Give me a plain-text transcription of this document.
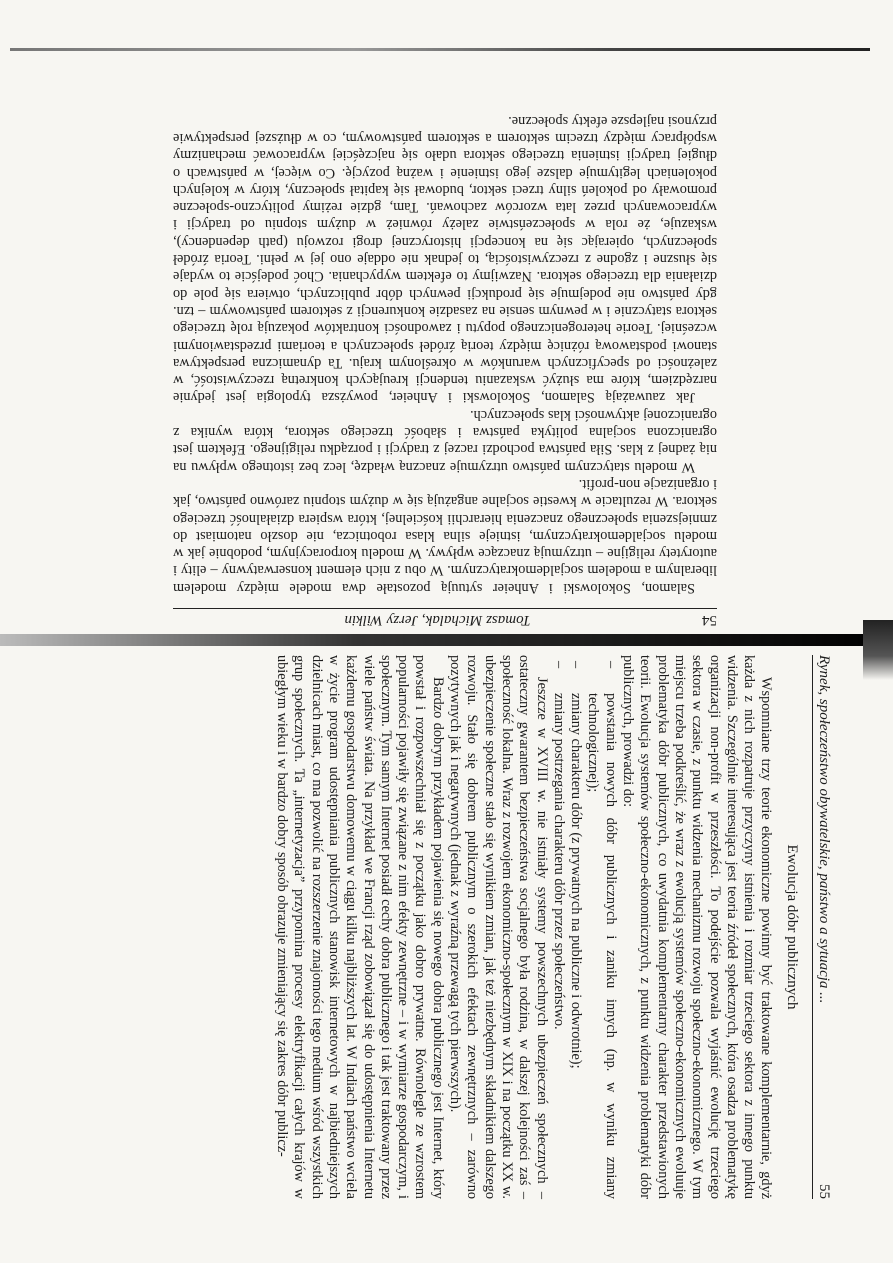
54
Tomasz Michalak, Jerzy Wilkin

Salamon, Sokolowski i Anheier sytuują pozostałe dwa modele między modelem liberalnym a modelem socjaldemokratycznym. W obu z nich element konserwatywny – elity i autorytety religijne – utrzymują znaczące wpływy. W modelu korporacyjnym, podobnie jak w modelu socjaldemokratycznym, istnieje silna klasa robotnicza, nie doszło natomiast do zmniejszenia społecznego znaczenia hierarchii kościelnej, która wspiera działalność trzeciego sektora. W rezultacie w kwestie socjalne angażują się w dużym stopniu zarówno państwo, jak i organizacje non-profit.

W modelu statycznym państwo utrzymuje znaczną władzę, lecz bez istotnego wpływu na nią żadnej z klas. Siła państwa pochodzi raczej z tradycji i porządku religijnego. Efektem jest ograniczona socjalna polityka państwa i słabość trzeciego sektora, która wynika z ograniczonej aktywności klas społecznych.

Jak zauważają Salamon, Sokolowski i Anheier, powyższa typologia jest jedynie narzędziem, które ma służyć wskazaniu tendencji kreujących konkretną rzeczywistość, w zależności od specyficznych warunków w określonym kraju. Ta dynamiczna perspektywa stanowi podstawową różnicę między teorią źródeł społecznych a teoriami przedstawionymi wcześniej. Teorie heterogenicznego popytu i zawodności kontraktów pokazują rolę trzeciego sektora statycznie i w pewnym sensie na zasadzie konkurencji z sektorem państwowym – tzn. gdy państwo nie podejmuje się produkcji pewnych dóbr publicznych, otwiera się pole do działania dla trzeciego sektora. Nazwijmy to efektem wypychania. Choć podejście to wydaje się słuszne i zgodne z rzeczywistością, to jednak nie oddaje ono jej w pełni. Teoria źródeł społecznych, opierając się na koncepcji historycznej drogi rozwoju (path dependency), wskazuje, że rola w społeczeństwie zależy również w dużym stopniu od tradycji i wypracowanych przez lata wzorców zachowań. Tam, gdzie reżimy polityczno-społeczne promowały od pokoleń silny trzeci sektor, budował się kapitał społeczny, który w kolejnych pokoleniach legitymuje dalsze jego istnienie i ważną pozycję. Co więcej, w państwach o długiej tradycji istnienia trzeciego sektora udało się najczęściej wypracować mechanizmy współpracy między trzecim sektorem a sektorem państwowym, co w dłuższej perspektywie przynosi najlepsze efekty społeczne.

Rynek, społeczeństwo obywatelskie, państwo a sytuacja ...
55
Ewolucja dóbr publicznych

Wspomniane trzy teorie ekonomiczne powinny być traktowane komplementarnie, gdyż każda z nich rozpatruje przyczyny istnienia i rozmiar trzeciego sektora z innego punktu widzenia. Szczególnie interesująca jest teoria źródeł społecznych, która osadza problematykę organizacji non-profit w przeszłości. To podejście pozwala wyjaśnić ewolucję trzeciego sektora w czasie, z punktu widzenia mechanizmu rozwoju społeczno-ekonomicznego. W tym miejscu trzeba podkreślić, że wraz z ewolucją systemów społeczno-ekonomicznych ewoluuje problematyka dóbr publicznych, co uwydatnia komplementarny charakter przedstawionych teorii. Ewolucja systemów społeczno-ekonomicznych, z punktu widzenia problematyki dóbr publicznych, prowadzi do:

– powstania nowych dóbr publicznych i zaniku innych (np. w wyniku zmiany technologicznej);
– zmiany charakteru dóbr (z prywatnych na publiczne i odwrotnie);
– zmiany postrzegania charakteru dóbr przez społeczeństwo.

Jeszcze w XVIII w. nie istniały systemy powszechnych ubezpieczeń społecznych – ostateczny gwarantem bezpieczeństwa socjalnego była rodzina, w dalszej kolejności zaś – społeczność lokalna. Wraz z rozwojem ekonomiczno-społecznym w XIX i na początku XX w. ubezpieczenie społeczne stało się wynikiem zmian, jak też niezbędnym składnikiem dalszego rozwoju. Stało się dobrem publicznym o szerokich efektach zewnętrznych – zarówno pozytywnych jak i negatywnych (jednak z wyraźną przewagą tych pierwszych).

Bardzo dobrym przykładem pojawienia się nowego dobra publicznego jest Internet, który powstał i rozpowszechniał się z początku jako dobro prywatne. Równolegle ze wzrostem popularności pojawiły się związane z nim efekty zewnętrzne – i w wymiarze gospodarczym, i społecznym. Tym samym Internet posiadł cechy dobra publicznego i tak jest traktowany przez wiele państw świata. Na przykład we Francji rząd zobowiązał się do udostępnienia Internetu każdemu gospodarstwu domowemu w ciągu kilku najbliższych lat. W Indiach państwo wciela w życie program udostępniania publicznych stanowisk internetowych w najbiedniejszych dzielnicach miast, co ma pozwolić na rozszerzenie znajomości tego medium wśród wszystkich grup społecznych. Ta „internetyzacja” przypomina procesy elektryfikacji całych krajów w ubiegłym wieku i w bardzo dobry sposób obrazuje zmieniający się zakres dóbr publicz-
